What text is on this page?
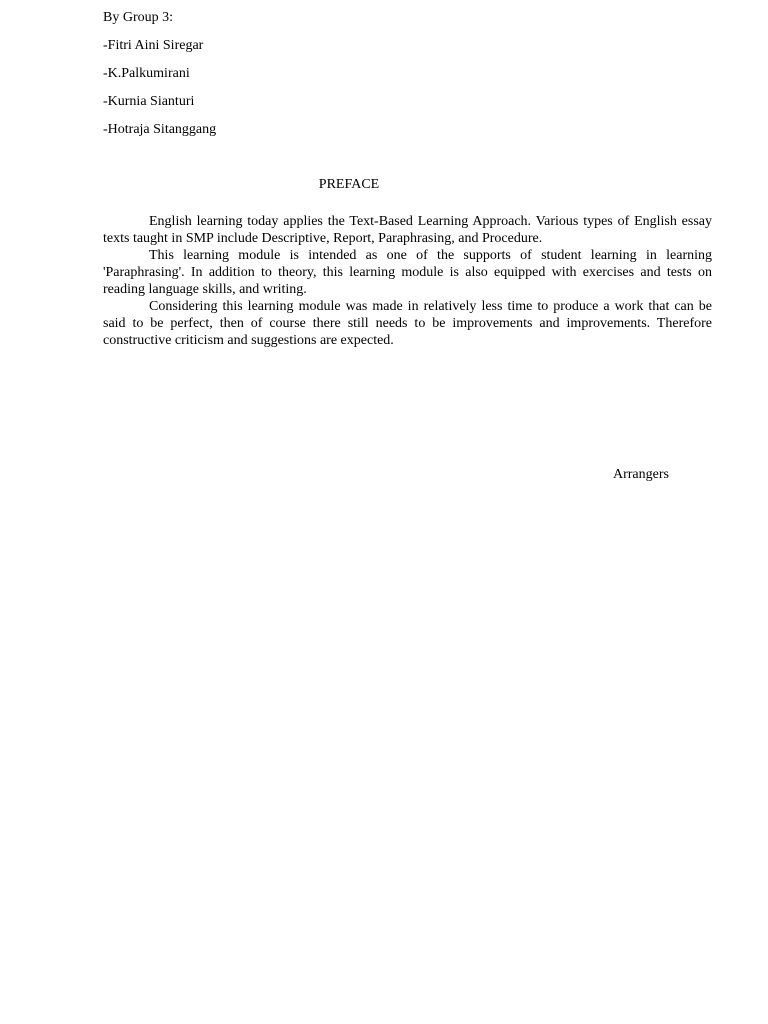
By Group 3:
-Fitri Aini Siregar
-K.Palkumirani
-Kurnia Sianturi
-Hotraja Sitanggang
PREFACE

English learning today applies the Text-Based Learning Approach. Various types of English essay texts taught in SMP include Descriptive, Report, Paraphrasing, and Procedure.

This learning module is intended as one of the supports of student learning in learning 'Paraphrasing'. In addition to theory, this learning module is also equipped with exercises and tests on reading language skills, and writing.

Considering this learning module was made in relatively less time to produce a work that can be said to be perfect, then of course there still needs to be improvements and improvements. Therefore constructive criticism and suggestions are expected.

Arrangers
